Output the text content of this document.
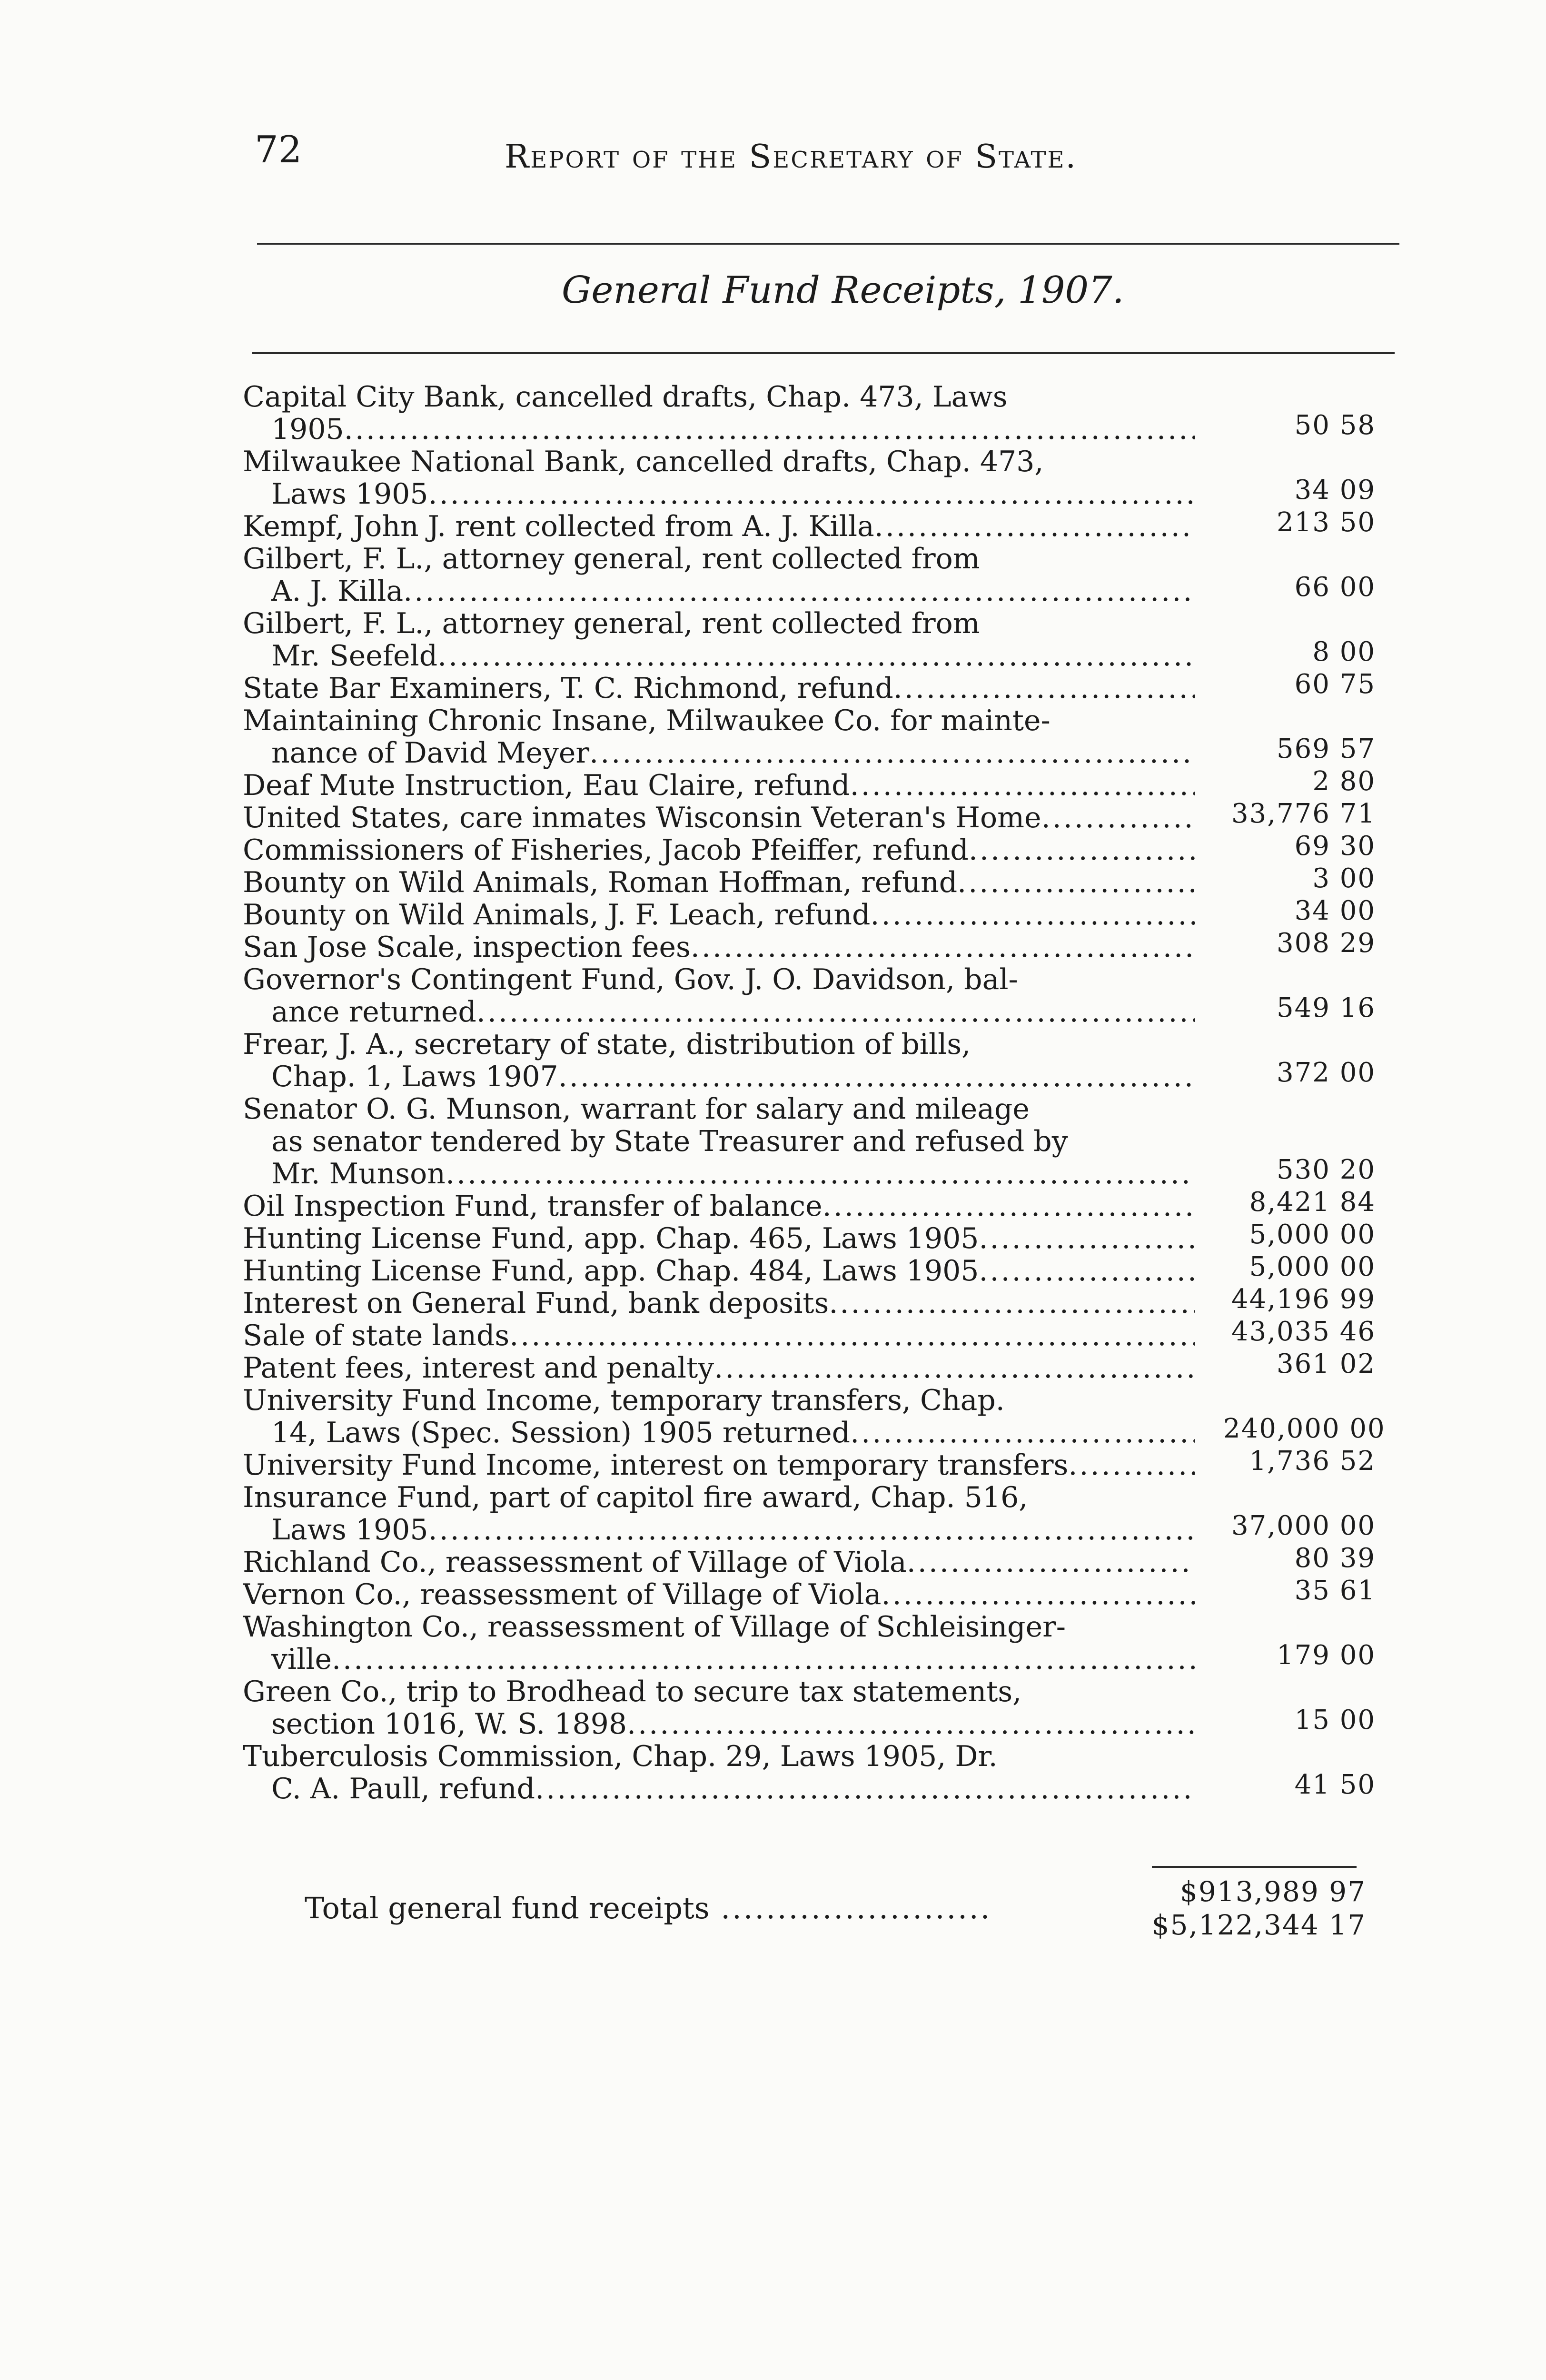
72	Report of the Secretary of State.
General Fund Receipts, 1907.
Capital City Bank, cancelled drafts, Chap. 473, Laws
1905 .....	50 58
Milwaukee National Bank, cancelled drafts, Chap. 473,
Laws 1905 .....	34 09
Kempf, John J. rent collected from A. J. Killa .....	213 50
Gilbert, F. L., attorney general, rent collected from
A. J. Killa .....	66 00
Gilbert, F. L., attorney general, rent collected from
Mr. Seefeld .....	8 00
State Bar Examiners, T. C. Richmond, refund .....	60 75
Maintaining Chronic Insane, Milwaukee Co. for mainte-
nance of David Meyer .....	569 57
Deaf Mute Instruction, Eau Claire, refund .....	2 80
United States, care inmates Wisconsin Veteran's Home .....	33,776 71
Commissioners of Fisheries, Jacob Pfeiffer, refund .....	69 30
Bounty on Wild Animals, Roman Hoffman, refund .....	3 00
Bounty on Wild Animals, J. F. Leach, refund .....	34 00
San Jose Scale, inspection fees .....	308 29
Governor's Contingent Fund, Gov. J. O. Davidson, bal-
ance returned .....	549 16
Frear, J. A., secretary of state, distribution of bills,
Chap. 1, Laws 1907 .....	372 00
Senator O. G. Munson, warrant for salary and mileage
as senator tendered by State Treasurer and refused by
Mr. Munson .....	530 20
Oil Inspection Fund, transfer of balance .....	8,421 84
Hunting License Fund, app. Chap. 465, Laws 1905 .....	5,000 00
Hunting License Fund, app. Chap. 484, Laws 1905 .....	5,000 00
Interest on General Fund, bank deposits .....	44,196 99
Sale of state lands .....	43,035 46
Patent fees, interest and penalty .....	361 02
University Fund Income, temporary transfers, Chap.
14, Laws (Spec. Session) 1905 returned .....	240,000 00
University Fund Income, interest on temporary transfers .....	1,736 52
Insurance Fund, part of capitol fire award, Chap. 516,
Laws 1905 .....	37,000 00
Richland Co., reassessment of Village of Viola .....	80 39
Vernon Co., reassessment of Village of Viola .....	35 61
Washington Co., reassessment of Village of Schleisinger-
ville .....	179 00
Green Co., trip to Brodhead to secure tax statements,
section 1016, W. S. 1898 .....	15 00
Tuberculosis Commission, Chap. 29, Laws 1905, Dr.
C. A. Paull, refund .....	41 50
Total general fund receipts .....	$913,989 97
$5,122,344 17
